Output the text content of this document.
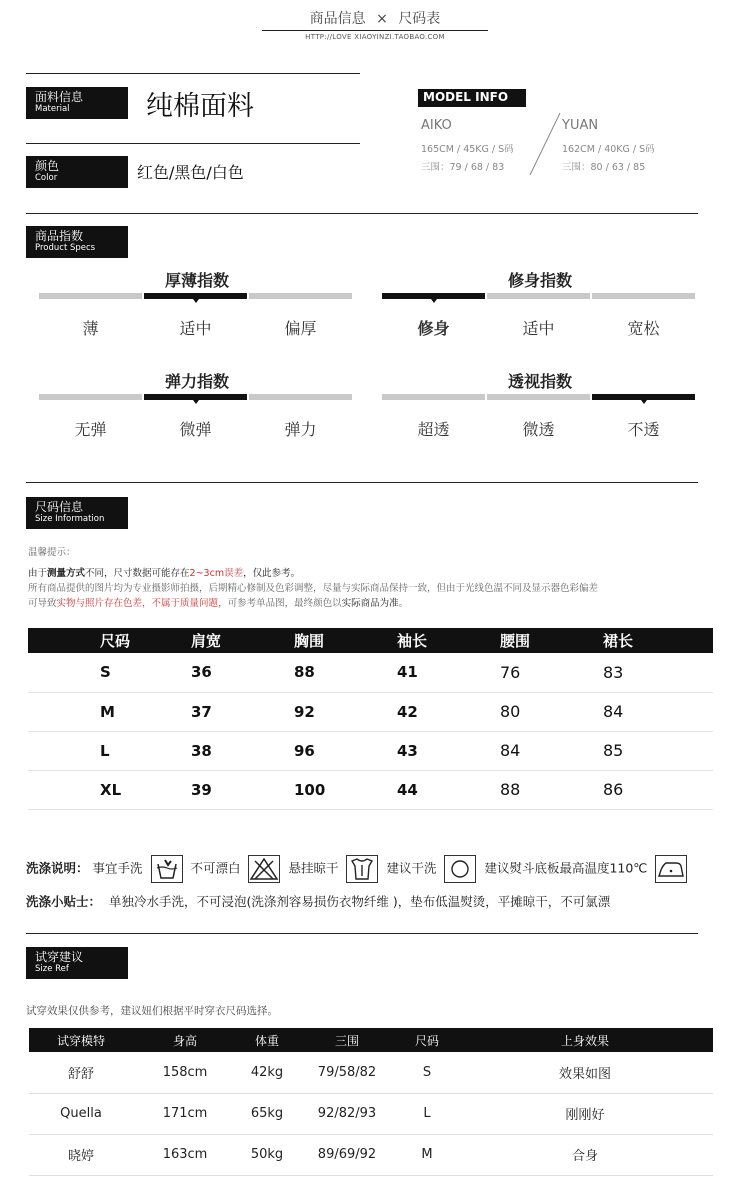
商品信息 × 尺码表
HTTP://LOVE XIAOYINZI.TAOBAO.COM
面料信息
Material	纯棉面料
颜色
Color	红色/黑色/白色
MODEL INFO
AIKO
165CM / 45KG / S码
三围：79 / 68 / 83
YUAN
162CM / 40KG / S码
三围：80 / 63 / 85
商品指数
Product Specs
厚薄指数
薄	适中	偏厚
修身指数
修身	适中	宽松
弹力指数
无弹	微弹	弹力
透视指数
超透	微透	不透
尺码信息
Size Information
温馨提示：
由于测量方式不同，尺寸数据可能存在2~3cm误差，仅此参考。
所有商品提供的图片均为专业摄影师拍摄，后期精心修制及色彩调整，尽量与实际商品保持一致，但由于光线色温不同及显示器色彩偏差
可导致实物与照片存在色差，不属于质量问题，可参考单品图，最终颜色以实际商品为准。
尺码	肩宽	胸围	袖长	腰围	裙长
S	36	88	41	76	83
M	37	92	42	80	84
L	38	96	43	84	85
XL	39	100	44	88	86
洗涤说明： 事宜手洗	不可漂白	悬挂晾干	建议干洗	建议熨斗底板最高温度110℃
洗涤小贴士： 单独冷水手洗，不可浸泡(洗涤剂容易损伤衣物纤维 )，垫布低温熨烫，平摊晾干，不可氯漂
试穿建议
Size Ref
试穿效果仅供参考，建议妞们根据平时穿衣尺码选择。
试穿模特	身高	体重	三围	尺码	上身效果
舒舒	158cm	42kg	79/58/82	S	效果如图
Quella	171cm	65kg	92/82/93	L	刚刚好
晓婷	163cm	50kg	89/69/92	M	合身
